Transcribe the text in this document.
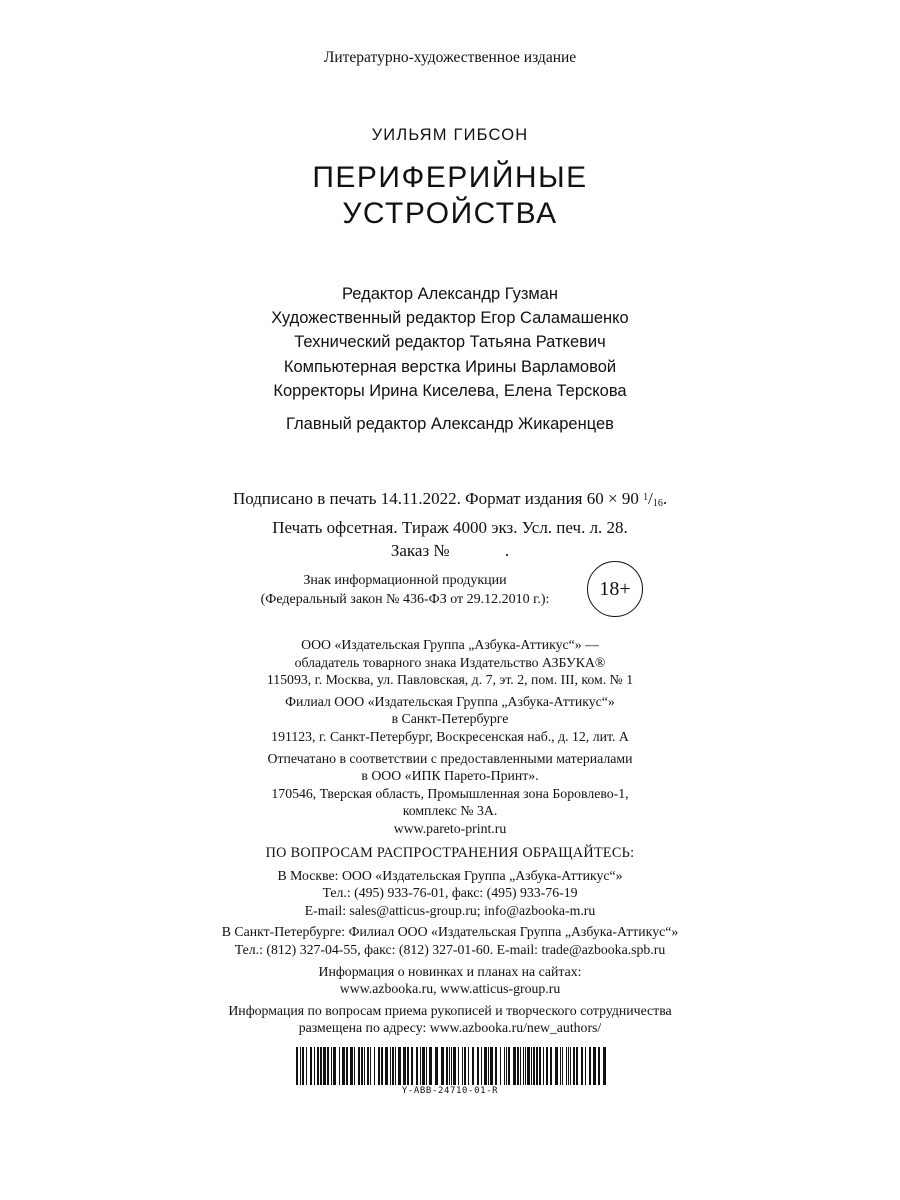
Литературно-художественное издание
УИЛЬЯМ ГИБСОН
ПЕРИФЕРИЙНЫЕ
УСТРОЙСТВА
Редактор Александр Гузман
Художественный редактор Егор Саламашенко
Технический редактор Татьяна Раткевич
Компьютерная верстка Ирины Варламовой
Корректоры Ирина Киселева, Елена Терскова
Главный редактор Александр Жикаренцев
Подписано в печать 14.11.2022. Формат издания 60 × 90 $^1$/16.
Печать офсетная. Тираж 4000 экз. Усл. печ. л. 28.
Заказ №             .
Знак информационной продукции
(Федеральный закон № 436-ФЗ от 29.12.2010 г.):	18+
ООО «Издательская Группа „Азбука-Аттикус“» —
обладатель товарного знака Издательство АЗБУКА®
115093, г. Москва, ул. Павловская, д. 7, эт. 2, пом. III, ком. № 1
Филиал ООО «Издательская Группа „Азбука-Аттикус“»
в Санкт-Петербурге
191123, г. Санкт-Петербург, Воскресенская наб., д. 12, лит. А
Отпечатано в соответствии с предоставленными материалами
в ООО «ИПК Парето-Принт».
170546, Тверская область, Промышленная зона Боровлево-1,
комплекс № 3А.
www.pareto-print.ru
ПО ВОПРОСАМ РАСПРОСТРАНЕНИЯ ОБРАЩАЙТЕСЬ:
В Москве: ООО «Издательская Группа „Азбука-Аттикус“»
Тел.: (495) 933-76-01, факс: (495) 933-76-19
E-mail: sales@atticus-group.ru; info@azbooka-m.ru
В Санкт-Петербурге: Филиал ООО «Издательская Группа „Азбука-Аттикус“»
Тел.: (812) 327-04-55, факс: (812) 327-01-60. E-mail: trade@azbooka.spb.ru
Информация о новинках и планах на сайтах:
www.azbooka.ru, www.atticus-group.ru
Информация по вопросам приема рукописей и творческого сотрудничества
размещена по адресу: www.azbooka.ru/new_authors/
Y-ABB-24710-01-R
